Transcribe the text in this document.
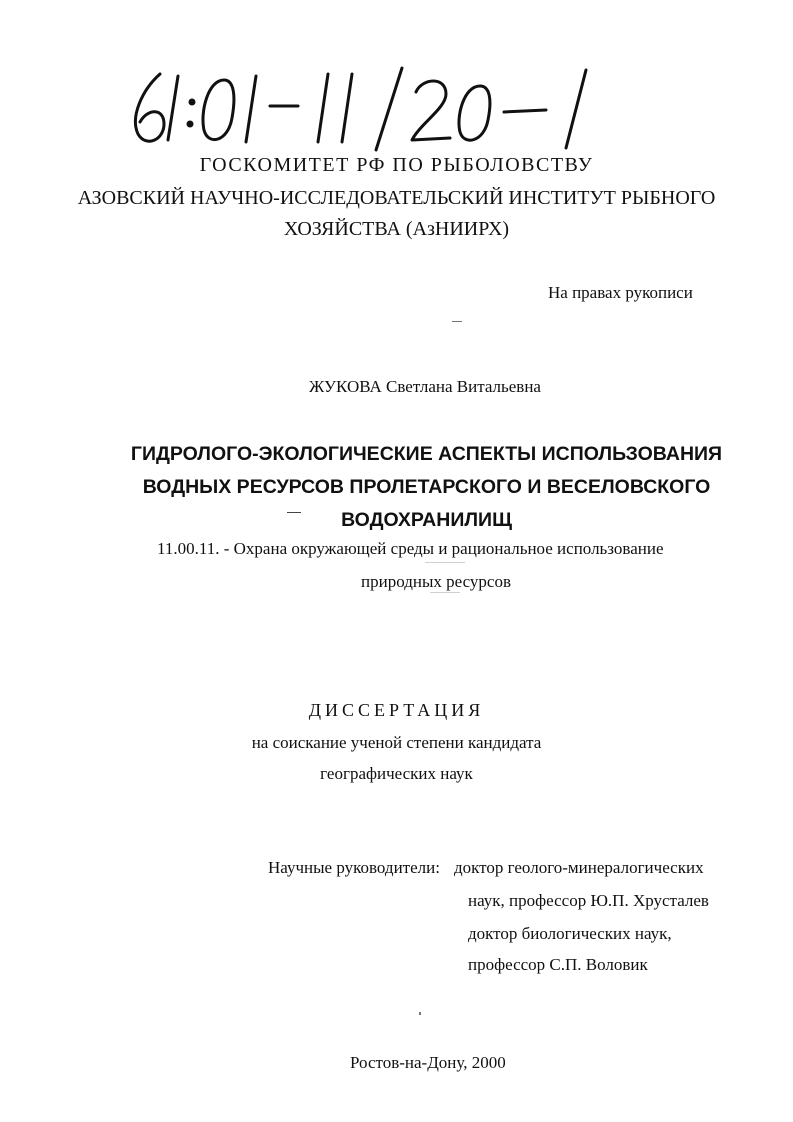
ГОСКОМИТЕТ РФ ПО РЫБОЛОВСТВУ
АЗОВСКИЙ НАУЧНО-ИССЛЕДОВАТЕЛЬСКИЙ ИНСТИТУТ РЫБНОГО
ХОЗЯЙСТВА (АзНИИРХ)
На правах рукописи
ЖУКОВА Светлана Витальевна
ГИДРОЛОГО-ЭКОЛОГИЧЕСКИЕ АСПЕКТЫ ИСПОЛЬЗОВАНИЯ
ВОДНЫХ РЕСУРСОВ ПРОЛЕТАРСКОГО И ВЕСЕЛОВСКОГО
ВОДОХРАНИЛИЩ
11.00.11. - Охрана окружающей среды и рациональное использование
природных ресурсов
ДИССЕРТАЦИЯ
на соискание ученой степени кандидата
географических наук
Научные руководители: доктор геолого-минералогических
наук, профессор Ю.П. Хрусталев
доктор биологических наук,
профессор С.П. Воловик
Ростов-на-Дону, 2000
